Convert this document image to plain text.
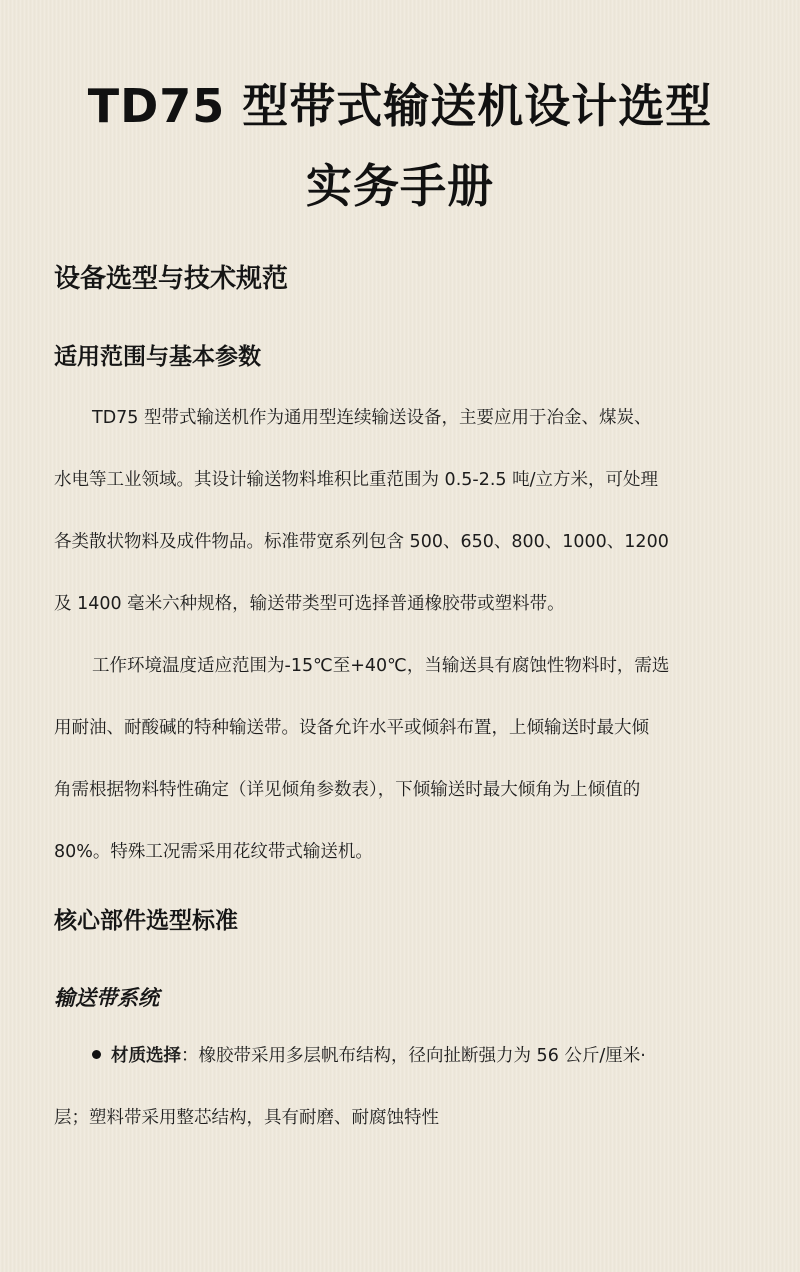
TD75 型带式输送机设计选型
实务手册
设备选型与技术规范
适用范围与基本参数
TD75 型带式输送机作为通用型连续输送设备，主要应用于冶金、煤炭、
水电等工业领域。其设计输送物料堆积比重范围为 0.5-2.5 吨/立方米，可处理
各类散状物料及成件物品。标准带宽系列包含 500、650、800、1000、1200
及 1400 毫米六种规格，输送带类型可选择普通橡胶带或塑料带。
工作环境温度适应范围为-15℃至+40℃，当输送具有腐蚀性物料时，需选
用耐油、耐酸碱的特种输送带。设备允许水平或倾斜布置，上倾输送时最大倾
角需根据物料特性确定（详见倾角参数表），下倾输送时最大倾角为上倾值的
80%。特殊工况需采用花纹带式输送机。
核心部件选型标准
输送带系统
材质选择：橡胶带采用多层帆布结构，径向扯断强力为 56 公斤/厘米·
层；塑料带采用整芯结构，具有耐磨、耐腐蚀特性
